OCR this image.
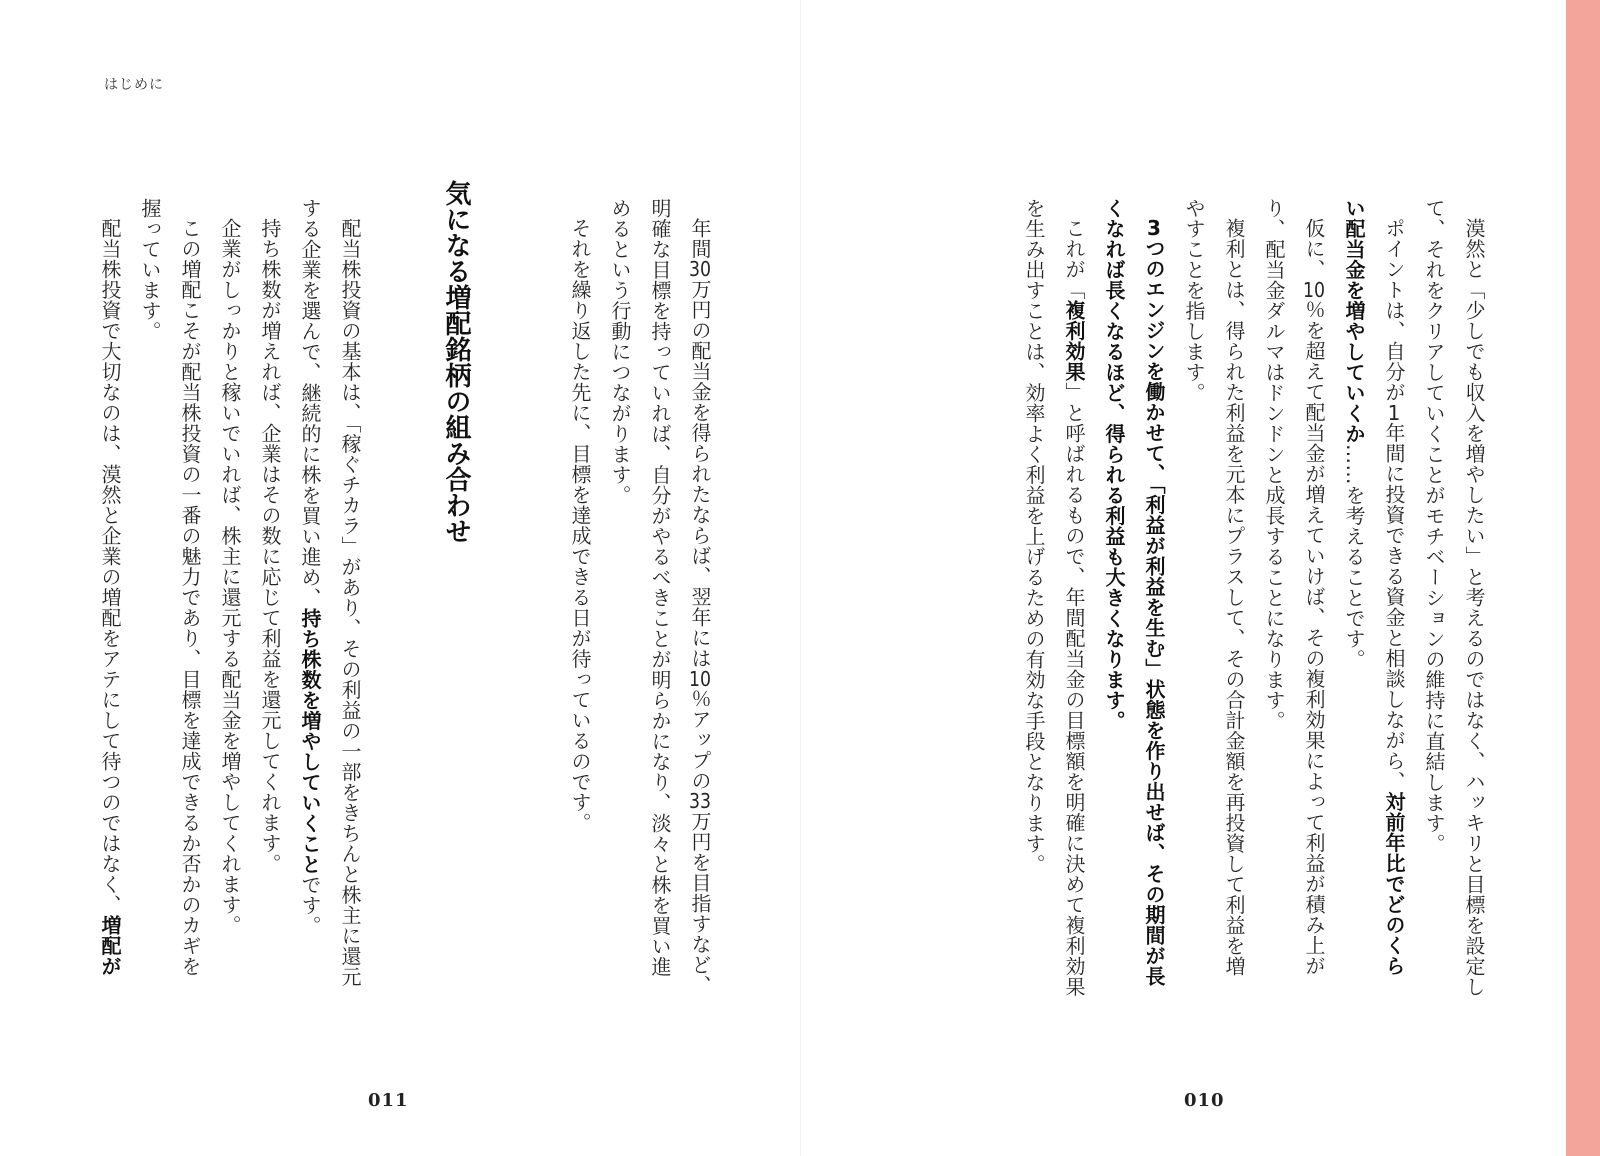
はじめに

漠然と「少しでも収入を増やしたい」と考えるのではなく、ハッキリと目標を設定し
て、それをクリアしていくことがモチベーションの維持に直結します。

ポイントは、自分が1年間に投資できる資金と相談しながら、対前年比でどのくら
い配当金を増やしていくか……を考えることです。

仮に、10％を超えて配当金が増えていけば、その複利効果によって利益が積み上が
り、配当金ダルマはドンドンと成長することになります。

複利とは、得られた利益を元本にプラスして、その合計金額を再投資して利益を増
やすことを指します。

3つのエンジンを働かせて、「利益が利益を生む」状態を作り出せば、その期間が長
くなれば長くなるほど、得られる利益も大きくなります。

これが「複利効果」と呼ばれるもので、年間配当金の目標額を明確に決めて複利効果
を生み出すことは、効率よく利益を上げるための有効な手段となります。

年間30万円の配当金を得られたならば、翌年には10％アップの33万円を目指すなど、
明確な目標を持っていれば、自分がやるべきことが明らかになり、淡々と株を買い進
めるという行動につながります。

それを繰り返した先に、目標を達成できる日が待っているのです。

気になる増配銘柄の組み合わせ

配当株投資の基本は、「稼ぐチカラ」があり、その利益の一部をきちんと株主に還元
する企業を選んで、継続的に株を買い進め、持ち株数を増やしていくことです。

持ち株数が増えれば、企業はその数に応じて利益を還元してくれます。

企業がしっかりと稼いでいれば、株主に還元する配当金を増やしてくれます。

この増配こそが配当株投資の一番の魅力であり、目標を達成できるか否かのカギを
握っています。

配当株投資で大切なのは、漠然と企業の増配をアテにして待つのではなく、増配が

011	010
